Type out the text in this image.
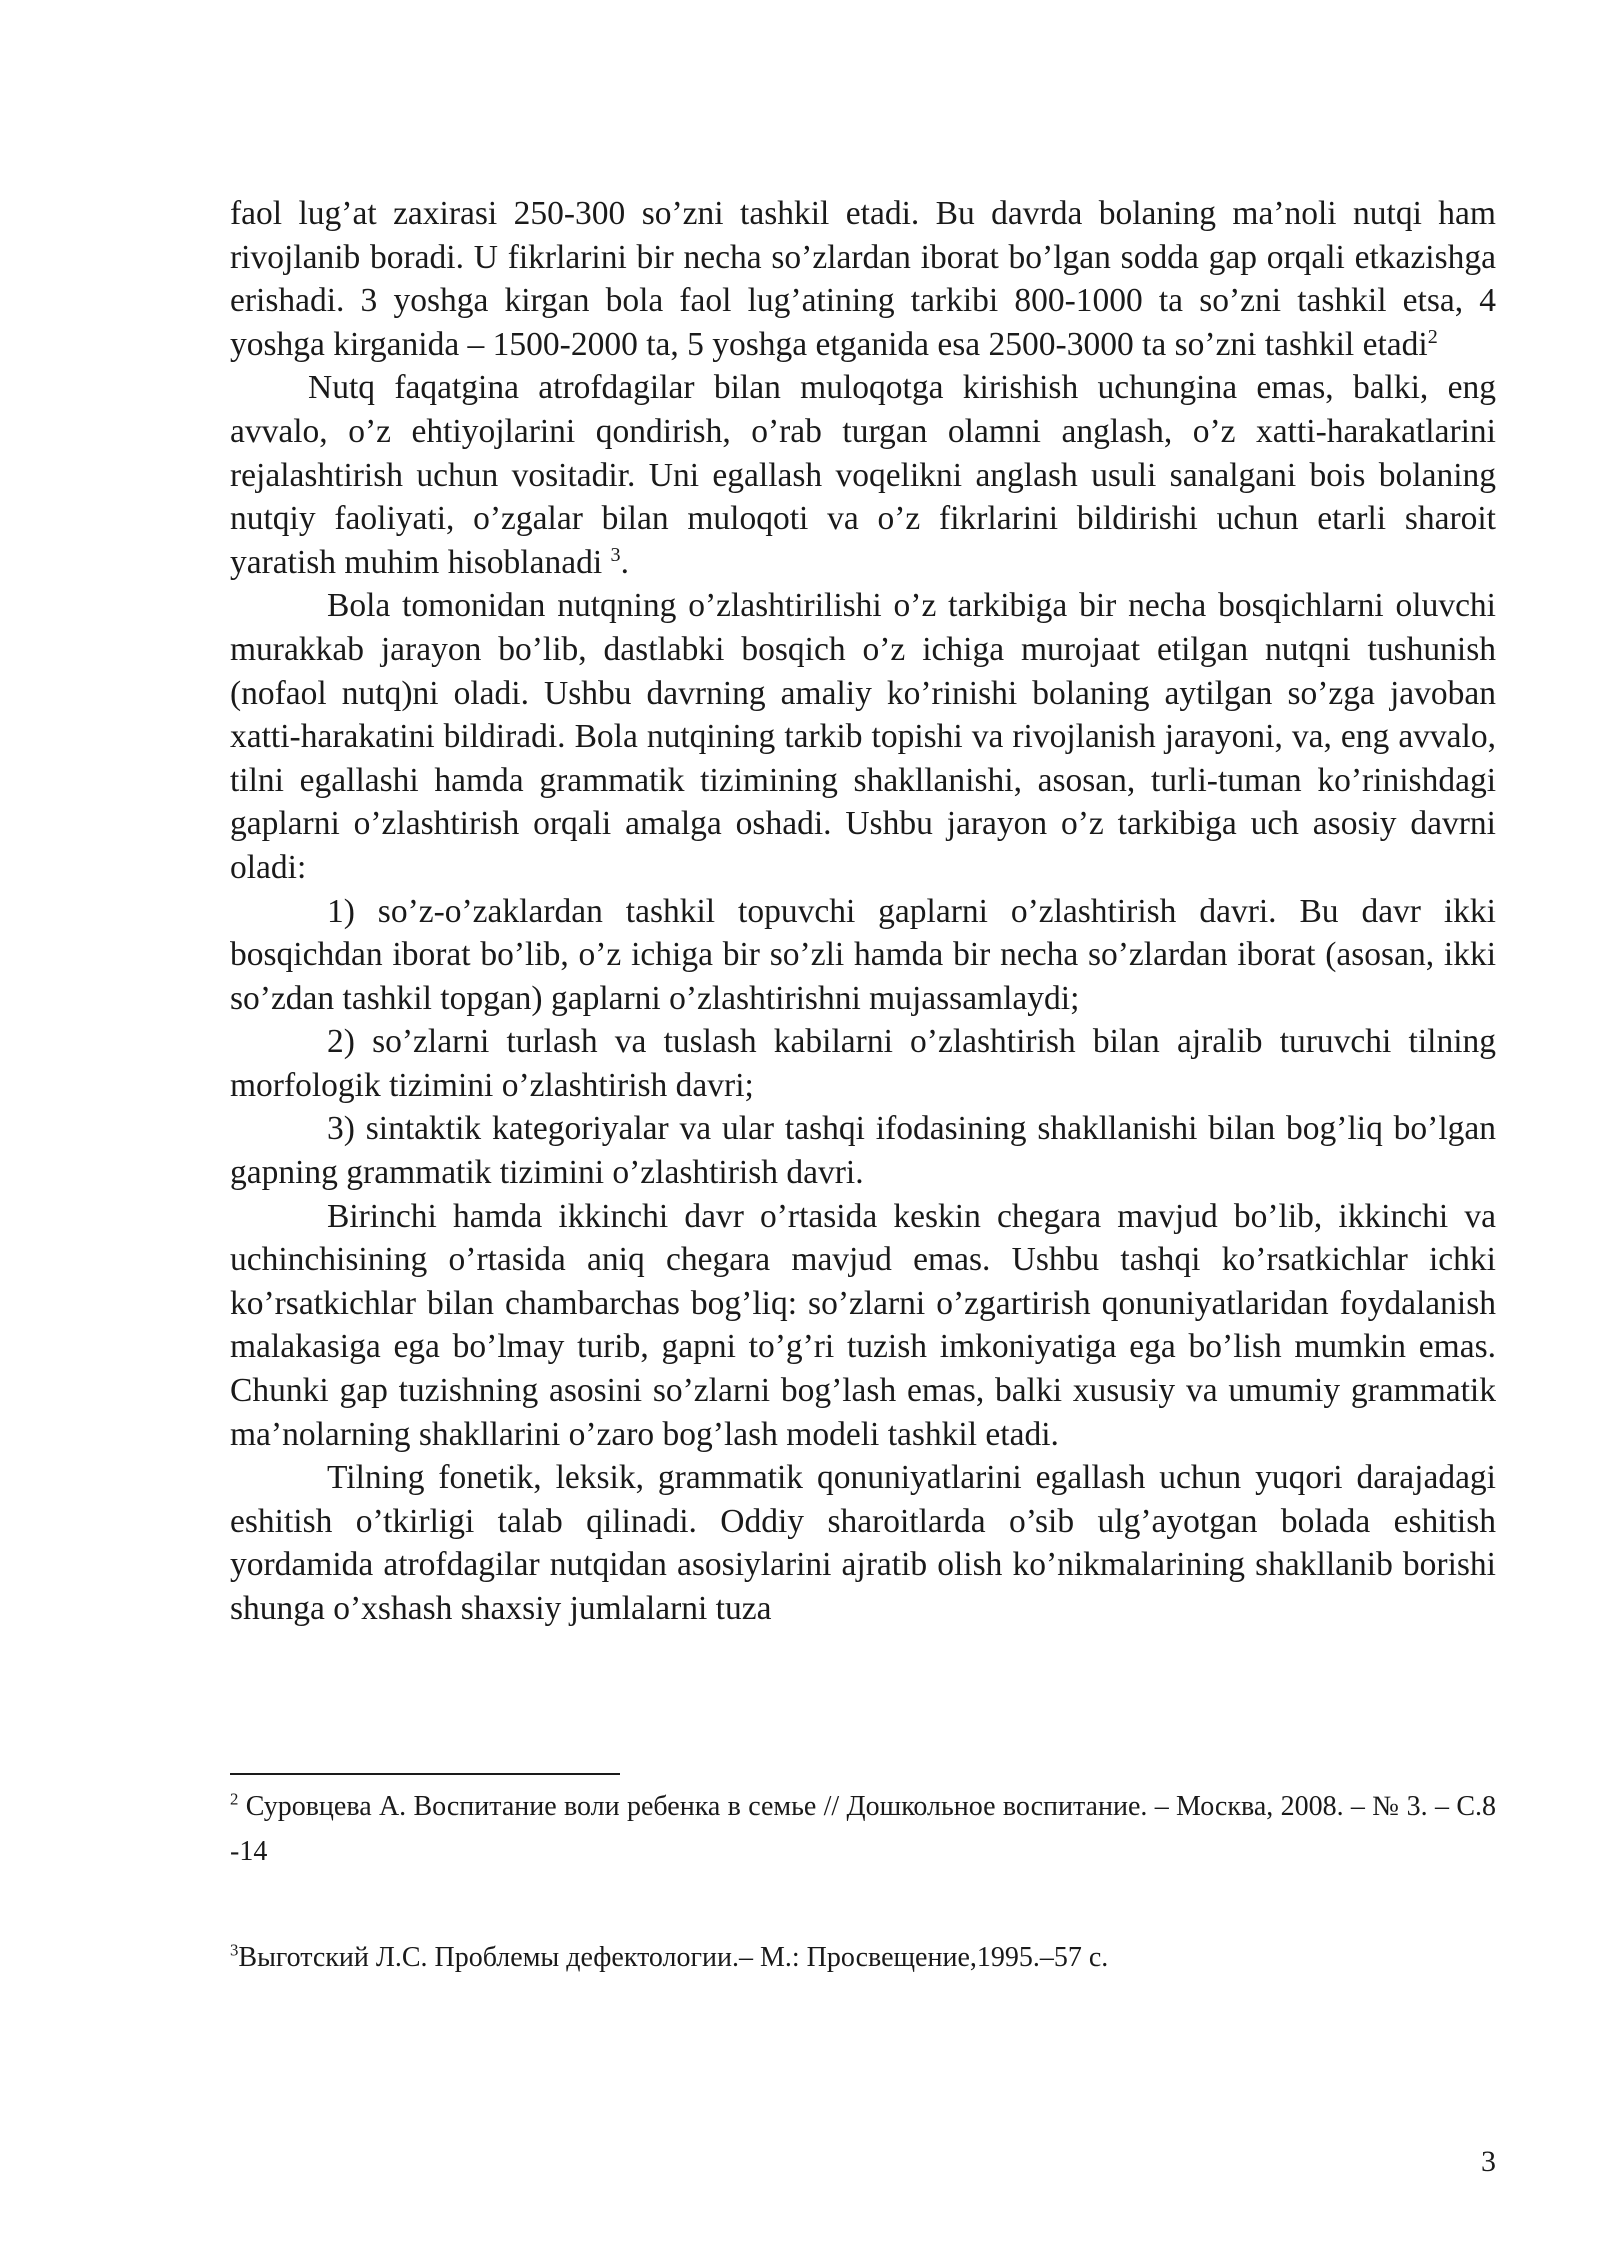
faol lug’at zaxirasi 250-300 so’zni tashkil etadi. Bu davrda bolaning ma’noli nutqi ham rivojlanib boradi. U fikrlarini bir necha so’zlardan iborat bo’lgan sodda gap orqali etkazishga erishadi. 3 yoshga kirgan bola faol lug’atining tarkibi 800-1000 ta so’zni tashkil etsa, 4 yoshga kirganida – 1500-2000 ta, 5 yoshga etganida esa 2500-3000 ta so’zni tashkil etadi$^2$

Nutq faqatgina atrofdagilar bilan muloqotga kirishish uchungina emas, balki, eng avvalo, o’z ehtiyojlarini qondirish, o’rab turgan olamni anglash, o’z xatti-harakatlarini rejalashtirish uchun vositadir. Uni egallash voqelikni anglash usuli sanalgani bois bolaning nutqiy faoliyati, o’zgalar bilan muloqoti va o’z fikrlarini bildirishi uchun etarli sharoit yaratish muhim hisoblanadi $^3$.

Bola tomonidan nutqning o’zlashtirilishi o’z tarkibiga bir necha bosqichlarni oluvchi murakkab jarayon bo’lib, dastlabki bosqich o’z ichiga murojaat etilgan nutqni tushunish (nofaol nutq)ni oladi. Ushbu davrning amaliy ko’rinishi bolaning aytilgan so’zga javoban xatti-harakatini bildiradi. Bola nutqining tarkib topishi va rivojlanish jarayoni, va, eng avvalo, tilni egallashi hamda grammatik tizimining shakllanishi, asosan, turli-tuman ko’rinishdagi gaplarni o’zlashtirish orqali amalga oshadi. Ushbu jarayon o’z tarkibiga uch asosiy davrni oladi:

1) so’z-o’zaklardan tashkil topuvchi gaplarni o’zlashtirish davri. Bu davr ikki bosqichdan iborat bo’lib, o’z ichiga bir so’zli hamda bir necha so’zlardan iborat (asosan, ikki so’zdan tashkil topgan) gaplarni o’zlashtirishni mujassamlaydi;

2) so’zlarni turlash va tuslash kabilarni o’zlashtirish bilan ajralib turuvchi tilning morfologik tizimini o’zlashtirish davri;

3) sintaktik kategoriyalar va ular tashqi ifodasining shakllanishi bilan bog’liq bo’lgan gapning grammatik tizimini o’zlashtirish davri.

Birinchi hamda ikkinchi davr o’rtasida keskin chegara mavjud bo’lib, ikkinchi va uchinchisining o’rtasida aniq chegara mavjud emas. Ushbu tashqi ko’rsatkichlar ichki ko’rsatkichlar bilan chambarchas bog’liq: so’zlarni o’zgartirish qonuniyatlaridan foydalanish malakasiga ega bo’lmay turib, gapni to’g’ri tuzish imkoniyatiga ega bo’lish mumkin emas. Chunki gap tuzishning asosini so’zlarni bog’lash emas, balki xususiy va umumiy grammatik ma’nolarning shakllarini o’zaro bog’lash modeli tashkil etadi.

Tilning fonetik, leksik, grammatik qonuniyatlarini egallash uchun yuqori darajadagi eshitish o’tkirligi talab qilinadi. Oddiy sharoitlarda o’sib ulg’ayotgan bolada eshitish yordamida atrofdagilar nutqidan asosiylarini ajratib olish ko’nikmalarining shakllanib borishi shunga o’xshash shaxsiy jumlalarni tuza

$^2$ Суровцева А. Воспитание воли ребенка в семье // Дошкольное воспитание. – Москва, 2008. – № 3. – С.8 -14
$^3$Выготский Л.С. Проблемы дефектологии.– М.: Просвещение,1995.–57 с.
3
